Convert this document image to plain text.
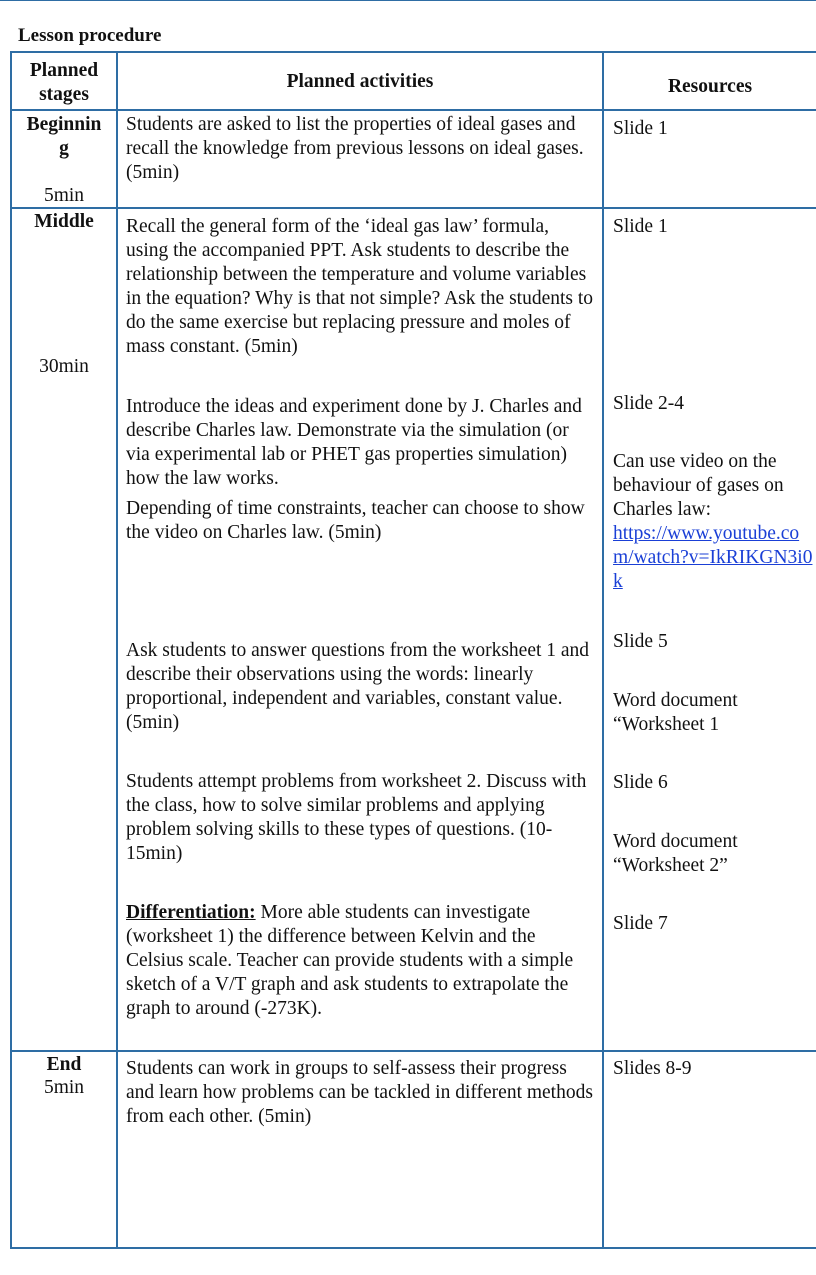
Lesson procedure
Planned stages
Planned activities	Resources
Beginnin
g
5min
Middle
30min
End
5min
Students are asked to list the properties of ideal gases and recall the knowledge from previous lessons on ideal gases. (5min)
Recall the general form of the ‘ideal gas law’ formula, using the accompanied PPT. Ask students to describe the relationship between the temperature and volume variables in the equation? Why is that not simple? Ask the students to do the same exercise but replacing pressure and moles of mass constant. (5min)
Introduce the ideas and experiment done by J. Charles and describe Charles law. Demonstrate via the simulation (or via experimental lab or PHET gas properties simulation) how the law works.
Depending of time constraints, teacher can choose to show the video on Charles law. (5min)
Ask students to answer questions from the worksheet 1 and describe their observations using the words: linearly proportional, independent and variables, constant value. (5min)
Students attempt problems from worksheet 2. Discuss with the class, how to solve similar problems and applying problem solving skills to these types of questions. (10-15min)
Differentiation: More able students can investigate (worksheet 1) the difference between Kelvin and the Celsius scale. Teacher can provide students with a simple sketch of a V/T graph and ask students to extrapolate the graph to around (-273K).
Students can work in groups to self-assess their progress and learn how problems can be tackled in different methods from each other. (5min)
Slide 1
Slide 1
Slide 2-4
Can use video on the behaviour of gases on Charles law:
https://www.youtube.com/watch?v=IkRIKGN3i0k
Slide 5
Word document “Worksheet 1
Slide 6
Word document “Worksheet 2”
Slide 7
Slides 8-9
